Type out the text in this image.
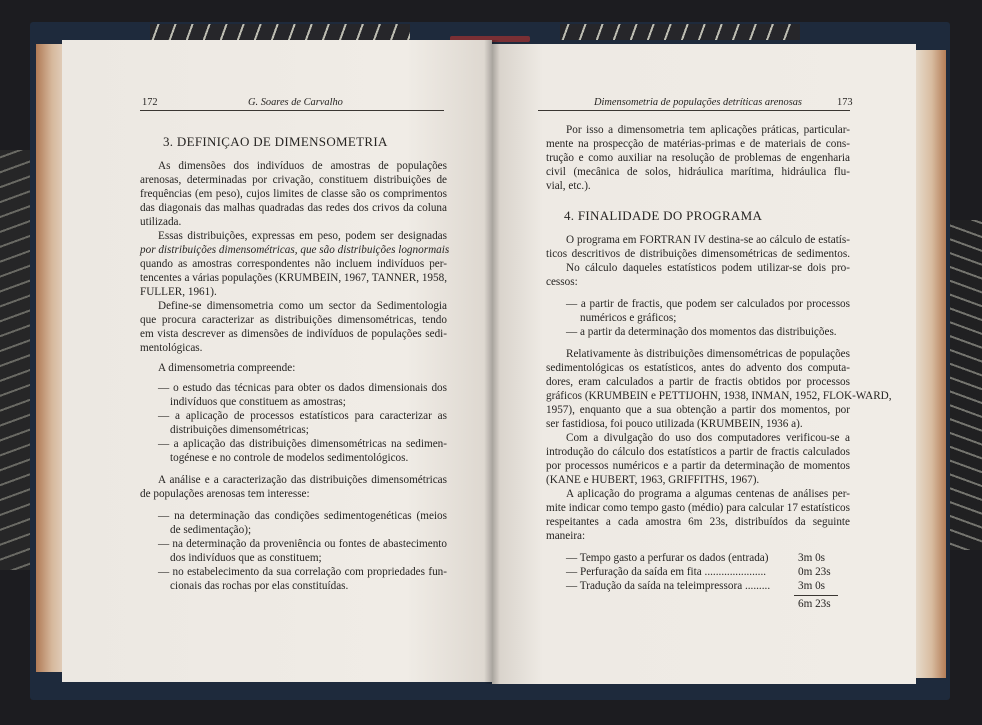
172	G. Soares de Carvalho
3. DEFINIÇAO DE DIMENSOMETRIA
As dimensões dos indivíduos de amostras de populações
arenosas, determinadas por crivação, constituem distribuições de
frequências (em peso), cujos limites de classe são os comprimentos
das diagonais das malhas quadradas das redes dos crivos da coluna
utilizada.
Essas distribuições, expressas em peso, podem ser designadas
por distribuições dimensométricas, que são distribuições lognormais
quando as amostras correspondentes não incluem indivíduos per-
tencentes a várias populações (KRUMBEIN, 1967, TANNER, 1958,
FULLER, 1961).
Define-se dimensometria como um sector da Sedimentologia
que procura caracterizar as distribuições dimensométricas, tendo
em vista descrever as dimensões de indivíduos de populações sedi-
mentológicas.
A dimensometria compreende:
— o estudo das técnicas para obter os dados dimensionais dos
indivíduos que constituem as amostras;
— a aplicação de processos estatísticos para caracterizar as
distribuições dimensométricas;
— a aplicação das distribuições dimensométricas na sedimen-
togénese e no controle de modelos sedimentológicos.
A análise e a caracterização das distribuições dimensométricas
de populações arenosas tem interesse:
— na determinação das condições sedimentogenéticas (meios
de sedimentação);
— na determinação da proveniência ou fontes de abastecimento
dos indivíduos que as constituem;
— no estabelecimento da sua correlação com propriedades fun-
cionais das rochas por elas constituídas.
Dimensometria de populações detríticas arenosas	173
Por isso a dimensometria tem aplicações práticas, particular-
mente na prospecção de matérias-primas e de materiais de cons-
trução e como auxiliar na resolução de problemas de engenharia
civil (mecânica de solos, hidráulica marítima, hidráulica flu-
vial, etc.).
4. FINALIDADE DO PROGRAMA
O programa em FORTRAN IV destina-se ao cálculo de estatís-
ticos descritivos de distribuições dimensométricas de sedimentos.
No cálculo daqueles estatísticos podem utilizar-se dois pro-
cessos:
— a partir de fractis, que podem ser calculados por processos
numéricos e gráficos;
— a partir da determinação dos momentos das distribuições.
Relativamente às distribuições dimensométricas de populações
sedimentológicas os estatísticos, antes do advento dos computa-
dores, eram calculados a partir de fractis obtidos por processos
gráficos (KRUMBEIN e PETTIJOHN, 1938, INMAN, 1952, FLOK-WARD,
1957), enquanto que a sua obtenção a partir dos momentos, por
ser fastidiosa, foi pouco utilizada (KRUMBEIN, 1936 a).
Com a divulgação do uso dos computadores verificou-se a
introdução do cálculo dos estatísticos a partir de fractis calculados
por processos numéricos e a partir da determinação de momentos
(KANE e HUBERT, 1963, GRIFFITHS, 1967).
A aplicação do programa a algumas centenas de análises per-
mite indicar como tempo gasto (médio) para calcular 17 estatísticos
respeitantes a cada amostra 6m 23s, distribuídos da seguinte
maneira:
— Tempo gasto a perfurar os dados (entrada)	3m 0s
— Perfuração da saída em fita ......................	0m 23s
— Tradução da saída na teleimpressora ......... 3m 0s
6m 23s
